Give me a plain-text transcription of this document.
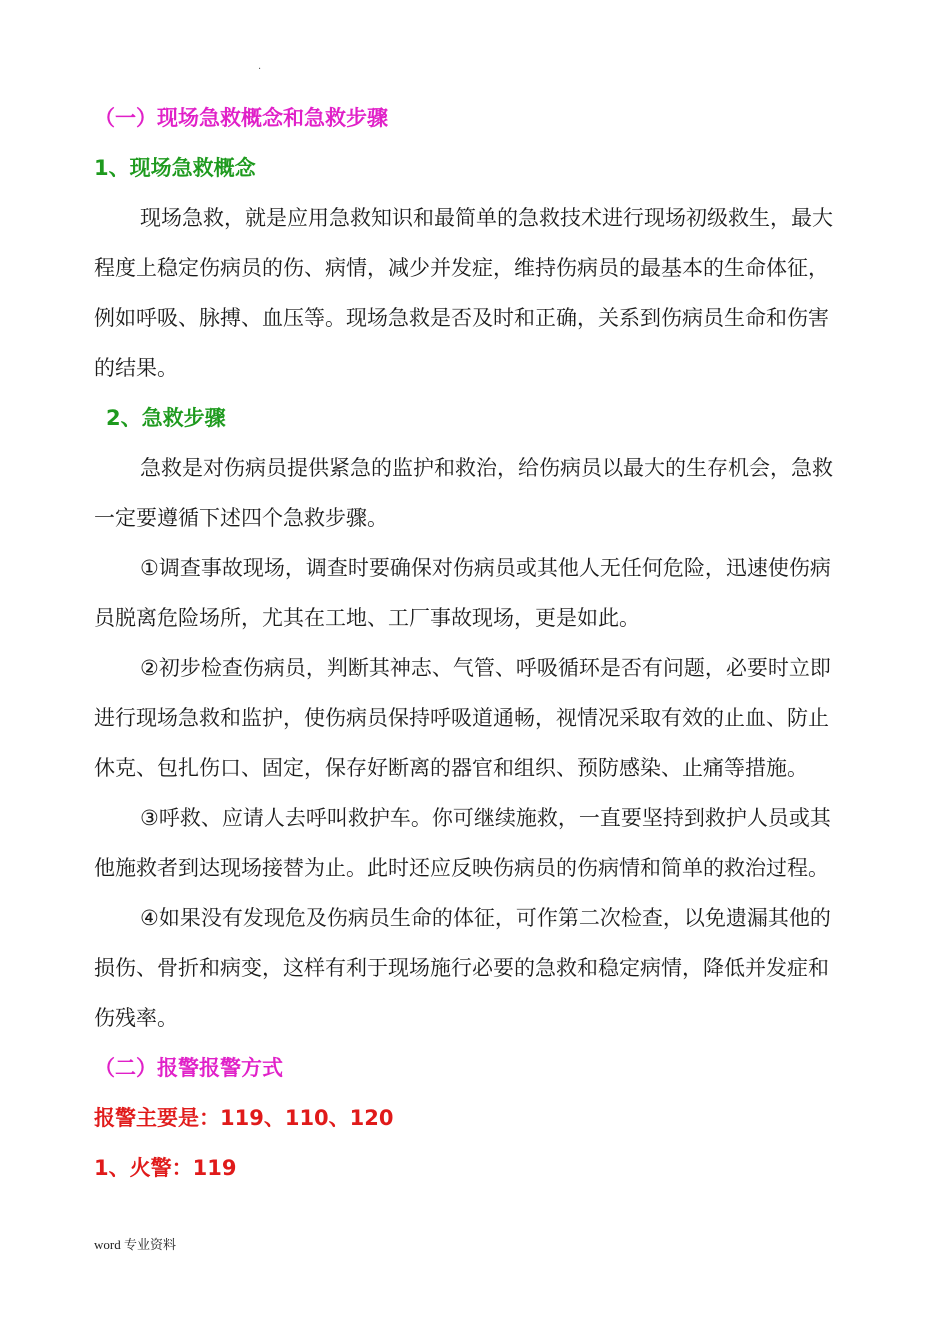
.
（一）现场急救概念和急救步骤
1、现场急救概念
现场急救，就是应用急救知识和最简单的急救技术进行现场初级救生，最大
程度上稳定伤病员的伤、病情，减少并发症，维持伤病员的最基本的生命体征，
例如呼吸、脉搏、血压等。现场急救是否及时和正确，关系到伤病员生命和伤害
的结果。
2、急救步骤
急救是对伤病员提供紧急的监护和救治，给伤病员以最大的生存机会，急救
一定要遵循下述四个急救步骤。
①调查事故现场，调查时要确保对伤病员或其他人无任何危险，迅速使伤病
员脱离危险场所，尤其在工地、工厂事故现场，更是如此。
②初步检查伤病员，判断其神志、气管、呼吸循环是否有问题，必要时立即
进行现场急救和监护，使伤病员保持呼吸道通畅，视情况采取有效的止血、防止
休克、包扎伤口、固定，保存好断离的器官和组织、预防感染、止痛等措施。
③呼救、应请人去呼叫救护车。你可继续施救，一直要坚持到救护人员或其
他施救者到达现场接替为止。此时还应反映伤病员的伤病情和简单的救治过程。
④如果没有发现危及伤病员生命的体征，可作第二次检查，以免遗漏其他的
损伤、骨折和病变，这样有利于现场施行必要的急救和稳定病情，降低并发症和
伤残率。
（二）报警报警方式
报警主要是：119、110、120
1、火警：119
word 专业资料
